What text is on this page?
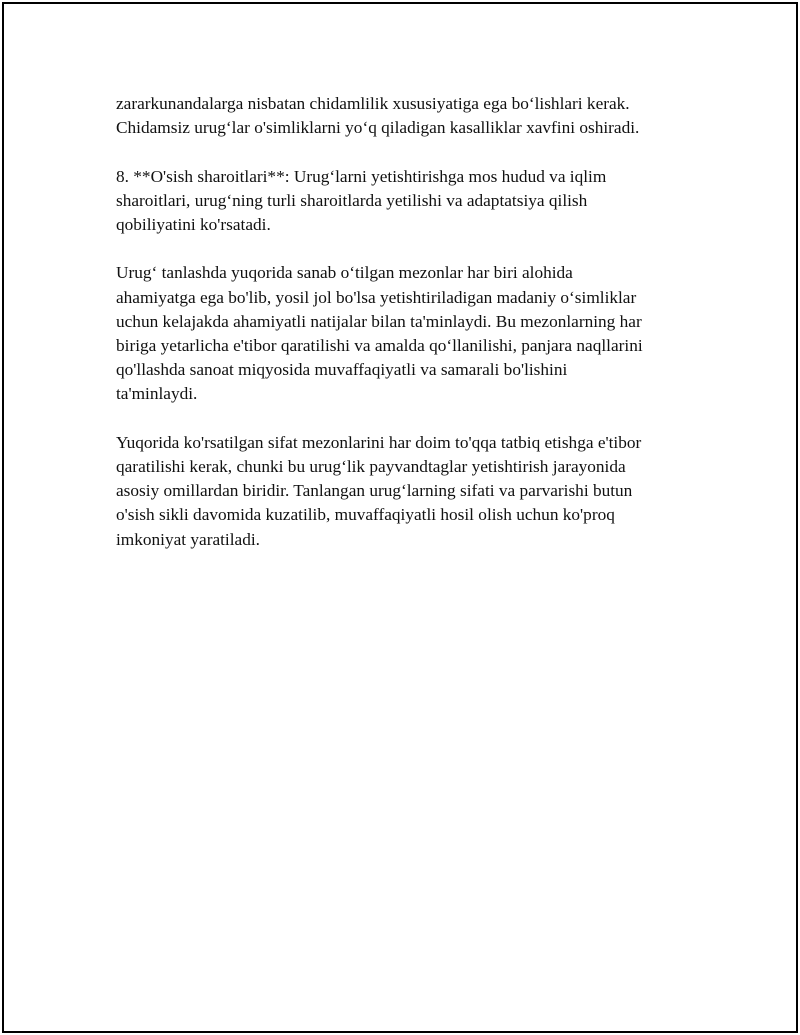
zararkunandalarga nisbatan chidamlilik xususiyatiga ega bo‘lishlari kerak.
Chidamsiz urug‘lar o'simliklarni yo‘q qiladigan kasalliklar xavfini oshiradi.

8. **O'sish sharoitlari**: Urug‘larni yetishtirishga mos hudud va iqlim
sharoitlari, urug‘ning turli sharoitlarda yetilishi va adaptatsiya qilish
qobiliyatini ko'rsatadi.

Urug‘ tanlashda yuqorida sanab o‘tilgan mezonlar har biri alohida
ahamiyatga ega bo'lib, yosil jol bo'lsa yetishtiriladigan madaniy o‘simliklar
uchun kelajakda ahamiyatli natijalar bilan ta'minlaydi. Bu mezonlarning har
biriga yetarlicha e'tibor qaratilishi va amalda qo‘llanilishi, panjara naqllarini
qo'llashda sanoat miqyosida muvaffaqiyatli va samarali bo'lishini
ta'minlaydi.

Yuqorida ko'rsatilgan sifat mezonlarini har doim to'qqa tatbiq etishga e'tibor
qaratilishi kerak, chunki bu urug‘lik payvandtaglar yetishtirish jarayonida
asosiy omillardan biridir. Tanlangan urug‘larning sifati va parvarishi butun
o'sish sikli davomida kuzatilib, muvaffaqiyatli hosil olish uchun ko'proq
imkoniyat yaratiladi.
